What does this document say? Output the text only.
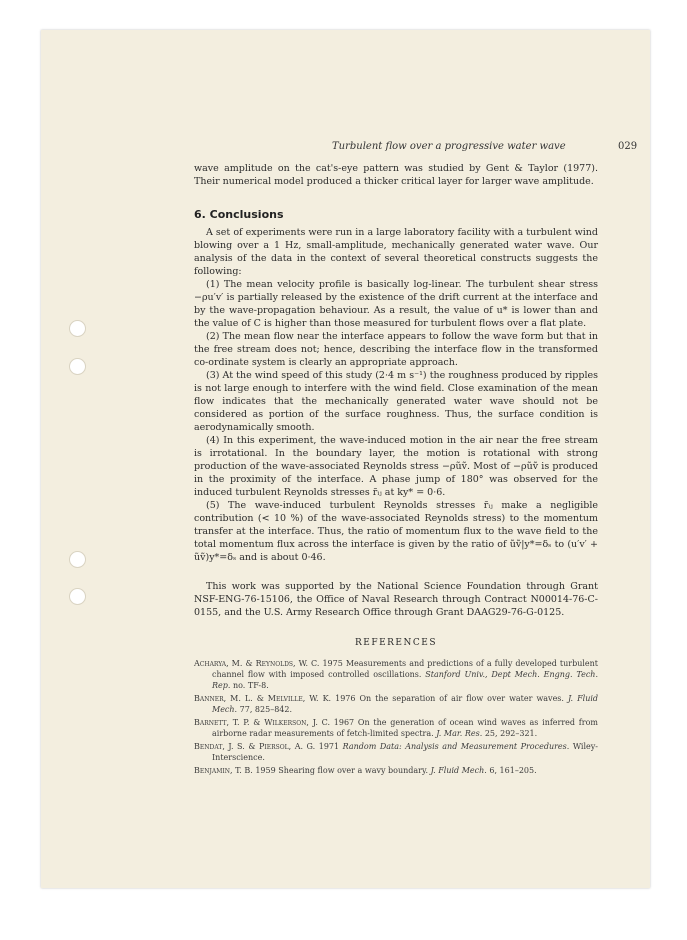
Turbulent flow over a progressive water wave	029

wave amplitude on the cat's-eye pattern was studied by Gent & Taylor (1977). Their numerical model produced a thicker critical layer for larger wave amplitude.

6. Conclusions

A set of experiments were run in a large laboratory facility with a turbulent wind blowing over a 1 Hz, small-amplitude, mechanically generated water wave. Our analysis of the data in the context of several theoretical constructs suggests the following:

(1) The mean velocity profile is basically log-linear. The turbulent shear stress −ρu′v′ is partially released by the existence of the drift current at the interface and by the wave-propagation behaviour. As a result, the value of u* is lower than and the value of C is higher than those measured for turbulent flows over a flat plate.

(2) The mean flow near the interface appears to follow the wave form but that in the free stream does not; hence, describing the interface flow in the transformed co-ordinate system is clearly an appropriate approach.

(3) At the wind speed of this study (2·4 m s⁻¹) the roughness produced by ripples is not large enough to interfere with the wind field. Close examination of the mean flow indicates that the mechanically generated water wave should not be considered as portion of the surface roughness. Thus, the surface condition is aerodynamically smooth.

(4) In this experiment, the wave-induced motion in the air near the free stream is irrotational. In the boundary layer, the motion is rotational with strong production of the wave-associated Reynolds stress −ρũṽ. Most of −ρũṽ is produced in the proximity of the interface. A phase jump of 180° was observed for the induced turbulent Reynolds stresses r̃ᵢⱼ at ky* = 0·6.

(5) The wave-induced turbulent Reynolds stresses r̃ᵢⱼ make a negligible contribution (< 10 %) of the wave-associated Reynolds stress) to the momentum transfer at the interface. Thus, the ratio of momentum flux to the wave field to the total momentum flux across the interface is given by the ratio of ũṽ|y*=δₛ to (u′v′ + ũṽ)y*=δₛ and is about 0·46.

This work was supported by the National Science Foundation through Grant NSF-ENG-76-15106, the Office of Naval Research through Contract N00014-76-C-0155, and the U.S. Army Research Office through Grant DAAG29-76-G-0125.

REFERENCES
Acharya, M. & Reynolds, W. C. 1975 Measurements and predictions of a fully developed turbulent channel flow with imposed controlled oscillations. Stanford Univ., Dept Mech. Engng. Tech. Rep. no. TF-8.
Banner, M. L. & Melville, W. K. 1976 On the separation of air flow over water waves. J. Fluid Mech. 77, 825–842.
Barnett, T. P. & Wilkerson, J. C. 1967 On the generation of ocean wind waves as inferred from airborne radar measurements of fetch-limited spectra. J. Mar. Res. 25, 292–321.
Bendat, J. S. & Piersol, A. G. 1971 Random Data: Analysis and Measurement Procedures. Wiley-Interscience.
Benjamin, T. B. 1959 Shearing flow over a wavy boundary. J. Fluid Mech. 6, 161–205.
